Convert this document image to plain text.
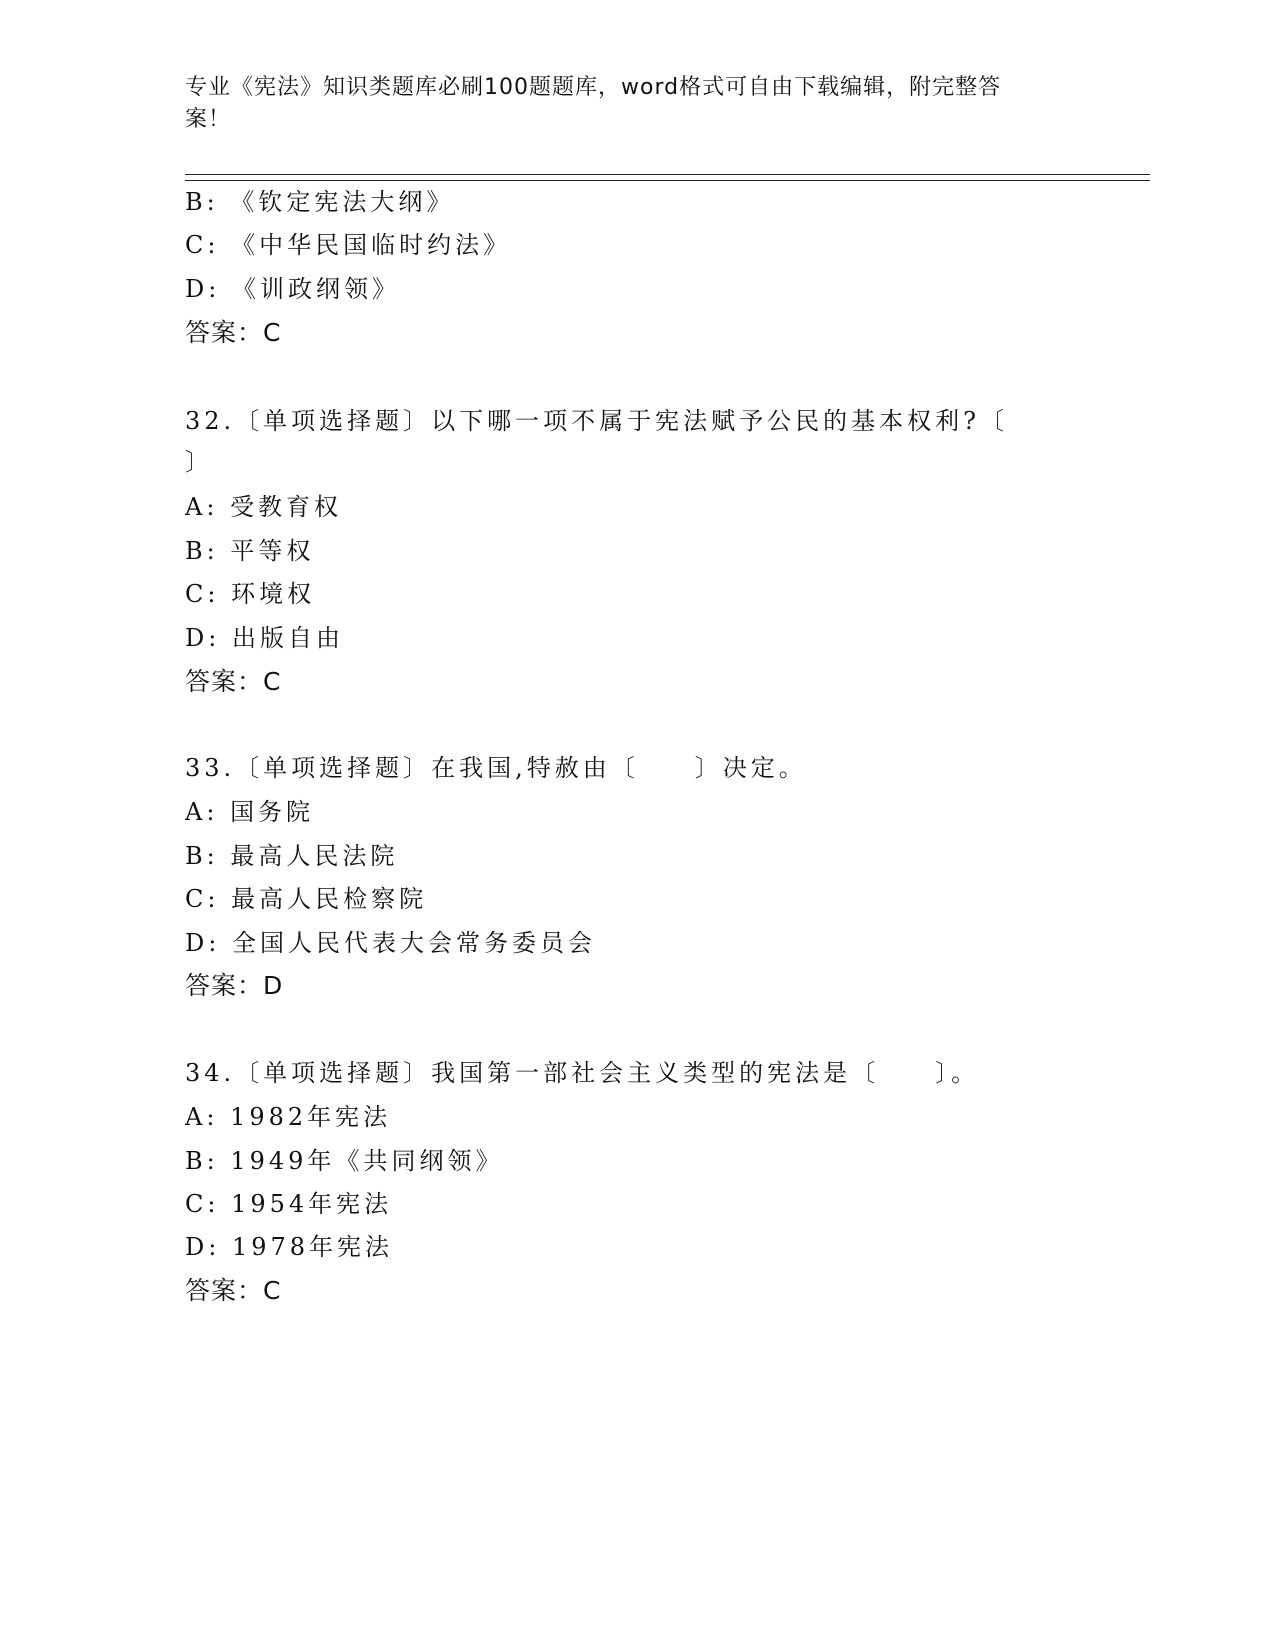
专业《宪法》知识类题库必刷100题题库，word格式可自由下载编辑，附完整答
案！
B: 《钦定宪法大纲》
C: 《中华民国临时约法》
D: 《训政纲领》
答案：C
32.〔单项选择题〕以下哪一项不属于宪法赋予公民的基本权利?〔
〕
A: 受教育权
B: 平等权
C: 环境权
D: 出版自由
答案：C
33.〔单项选择题〕在我国,特赦由〔　　〕决定。
A: 国务院
B: 最高人民法院
C: 最高人民检察院
D: 全国人民代表大会常务委员会
答案：D
34.〔单项选择题〕我国第一部社会主义类型的宪法是〔　　〕。
A: 1982年宪法
B: 1949年《共同纲领》
C: 1954年宪法
D: 1978年宪法
答案：C
